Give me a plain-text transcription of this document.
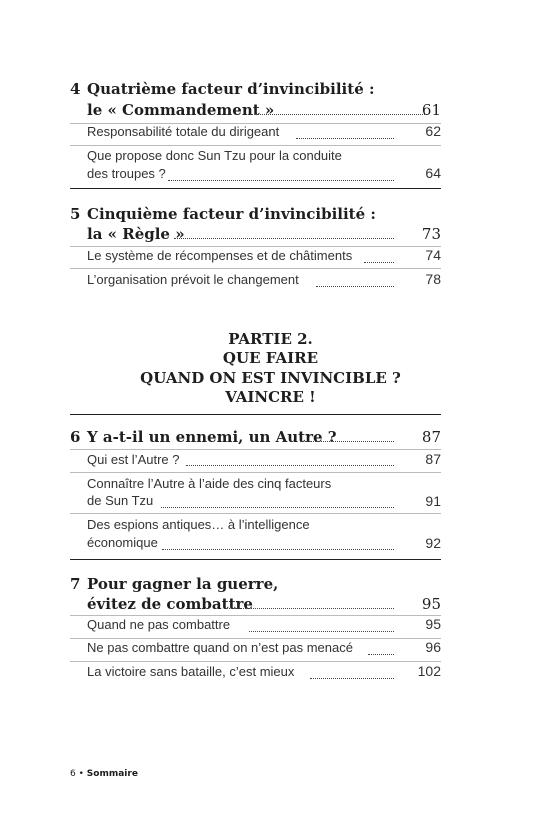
4 Quatrième facteur d’invincibilité :
le « Commandement »	61
Responsabilité totale du dirigeant	62
Que propose donc Sun Tzu pour la conduite
des troupes ?	64
5 Cinquième facteur d’invincibilité :
la « Règle »	73
Le système de récompenses et de châtiments	74
L’organisation prévoit le changement	78
PARTIE 2.
QUE FAIRE
QUAND ON EST INVINCIBLE ?
VAINCRE !
6 Y a-t-il un ennemi, un Autre ?	87
Qui est l’Autre ?	87
Connaître l’Autre à l’aide des cinq facteurs
de Sun Tzu	91
Des espions antiques… à l’intelligence
économique	92
7 Pour gagner la guerre,
évitez de combattre	95
Quand ne pas combattre	95
Ne pas combattre quand on n’est pas menacé	96
La victoire sans bataille, c’est mieux	102
6 • Sommaire
